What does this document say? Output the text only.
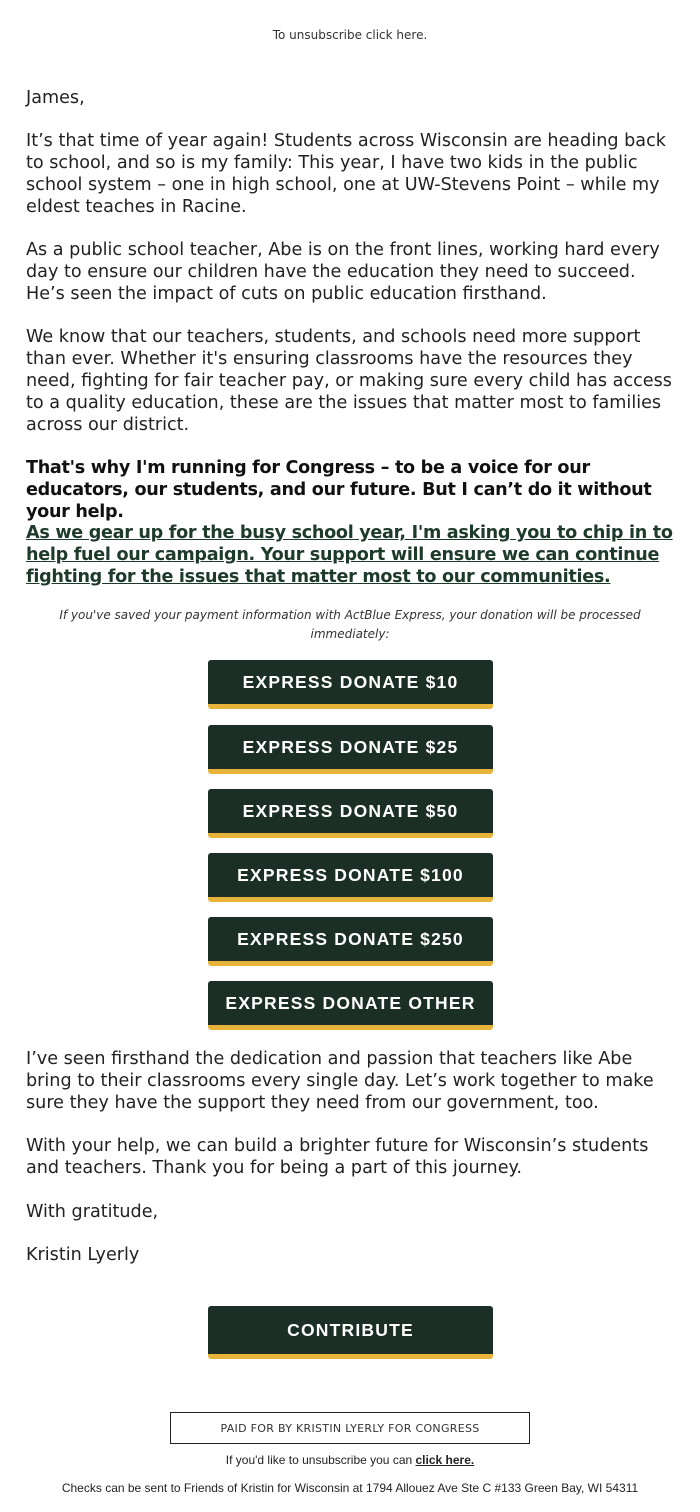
To unsubscribe click here.

James,

It’s that time of year again! Students across Wisconsin are heading back to school, and so is my family: This year, I have two kids in the public school system – one in high school, one at UW-Stevens Point – while my eldest teaches in Racine.

As a public school teacher, Abe is on the front lines, working hard every day to ensure our children have the education they need to succeed. He’s seen the impact of cuts on public education firsthand.

We know that our teachers, students, and schools need more support than ever. Whether it's ensuring classrooms have the resources they need, fighting for fair teacher pay, or making sure every child has access to a quality education, these are the issues that matter most to families across our district.

That's why I'm running for Congress – to be a voice for our educators, our students, and our future. But I can’t do it without your help.

As we gear up for the busy school year, I'm asking you to chip in to help fuel our campaign. Your support will ensure we can continue fighting for the issues that matter most to our communities.

If you've saved your payment information with ActBlue Express, your donation will be processed immediately:
EXPRESS DONATE $10
EXPRESS DONATE $25
EXPRESS DONATE $50
EXPRESS DONATE $100
EXPRESS DONATE $250
EXPRESS DONATE OTHER

I’ve seen firsthand the dedication and passion that teachers like Abe bring to their classrooms every single day. Let’s work together to make sure they have the support they need from our government, too.

With your help, we can build a brighter future for Wisconsin’s students and teachers. Thank you for being a part of this journey.

With gratitude,

Kristin Lyerly

CONTRIBUTE
PAID FOR BY KRISTIN LYERLY FOR CONGRESS
If you'd like to unsubscribe you can click here.
Checks can be sent to Friends of Kristin for Wisconsin at 1794 Allouez Ave Ste C #133 Green Bay, WI 54311
